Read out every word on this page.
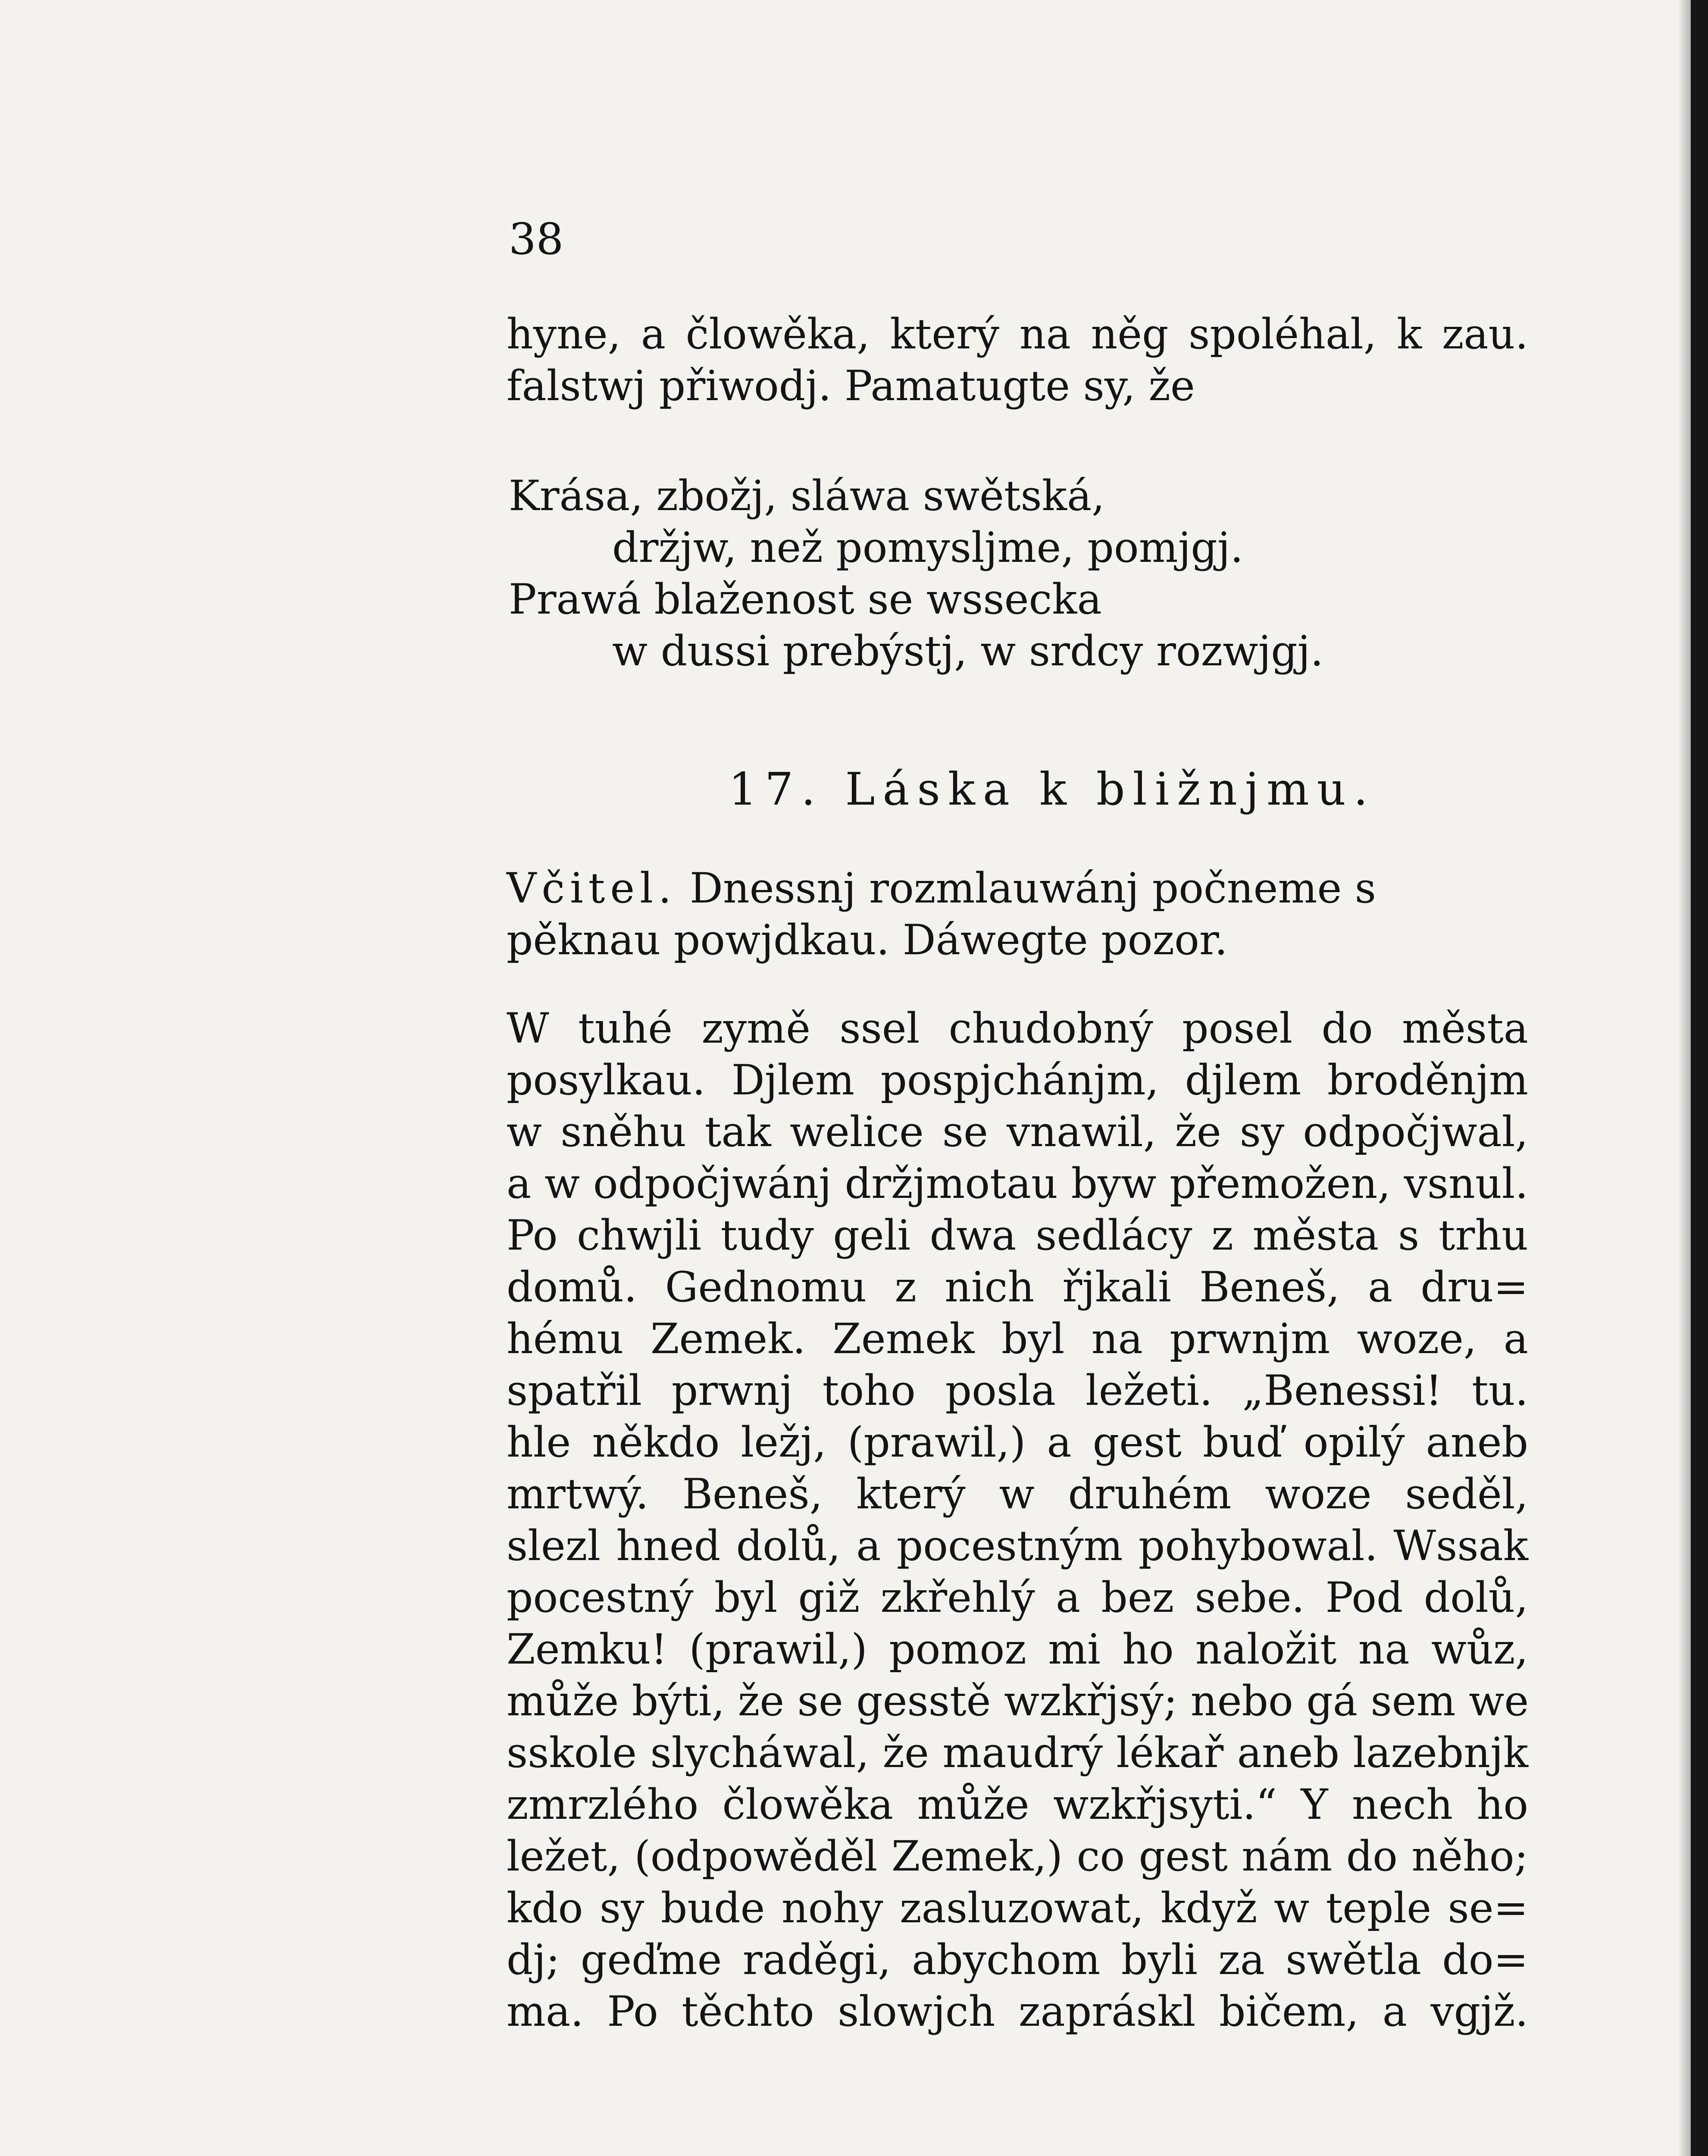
38

hyne, a člowěka, který na něg spoléhal, k zau.

falstwj přiwodj. Pamatugte sy, že

Krása, zbožj, sláwa swětská,

držjw, než pomysljme, pomjgj.

Prawá blaženost se wssecka

w dussi prebýstj, w srdcy rozwjgj.

17. Láska k bližnjmu.

Včitel. Dnessnj rozmlauwánj počneme s

pěknau powjdkau. Dáwegte pozor.

W tuhé zymě ssel chudobný posel do města

posylkau. Djlem pospjchánjm, djlem broděnjm

w sněhu tak welice se vnawil, že sy odpočjwal,

a w odpočjwánj držjmotau byw přemožen, vsnul.

Po chwjli tudy geli dwa sedlácy z města s trhu

domů. Gednomu z nich řjkali Beneš, a dru=

hému Zemek. Zemek byl na prwnjm woze, a

spatřil prwnj toho posla ležeti. „Benessi! tu.

hle někdo ležj, (prawil,) a gest buď opilý aneb

mrtwý. Beneš, který w druhém woze seděl,

slezl hned dolů, a pocestným pohybowal. Wssak

pocestný byl giž zkřehlý a bez sebe. Pod dolů,

Zemku! (prawil,) pomoz mi ho naložit na wůz,

může býti, že se gesstě wzkřjsý; nebo gá sem we

sskole slycháwal, že maudrý lékař aneb lazebnjk

zmrzlého člowěka může wzkřjsyti.“ Y nech ho

ležet, (odpowěděl Zemek,) co gest nám do něho;

kdo sy bude nohy zasluzowat, když w teple se=

dj; geďme raděgi, abychom byli za swětla do=

ma. Po těchto slowjch zapráskl bičem, a vgjž.
